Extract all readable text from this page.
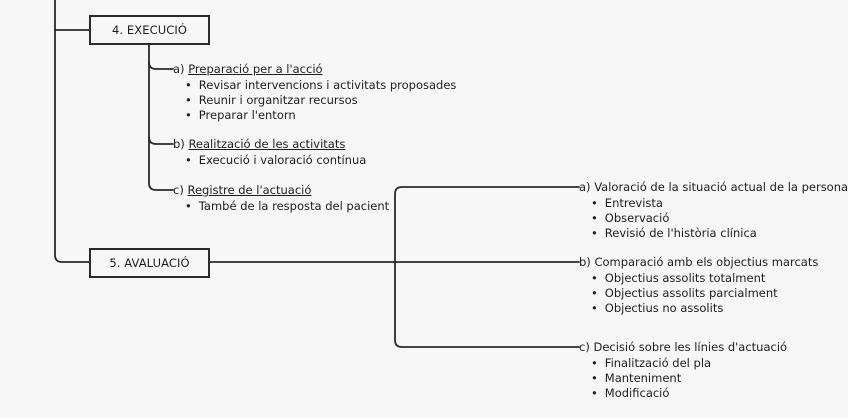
4. EXECUCIÓ
5. AVALUACIÓ
a) Preparació per a l'acció
• Revisar intervencions i activitats proposades
• Reunir i organitzar recursos
• Preparar l'entorn
b) Realització de les activitats
• Execució i valoració contínua
c) Registre de l'actuació
• També de la resposta del pacient
a) Valoració de la situació actual de la persona
• Entrevista
• Observació
• Revisió de l'història clínica
b) Comparació amb els objectius marcats
• Objectius assolits totalment
• Objectius assolits parcialment
• Objectius no assolits
c) Decisió sobre les línies d'actuació
• Finalització del pla
• Manteniment
• Modificació
